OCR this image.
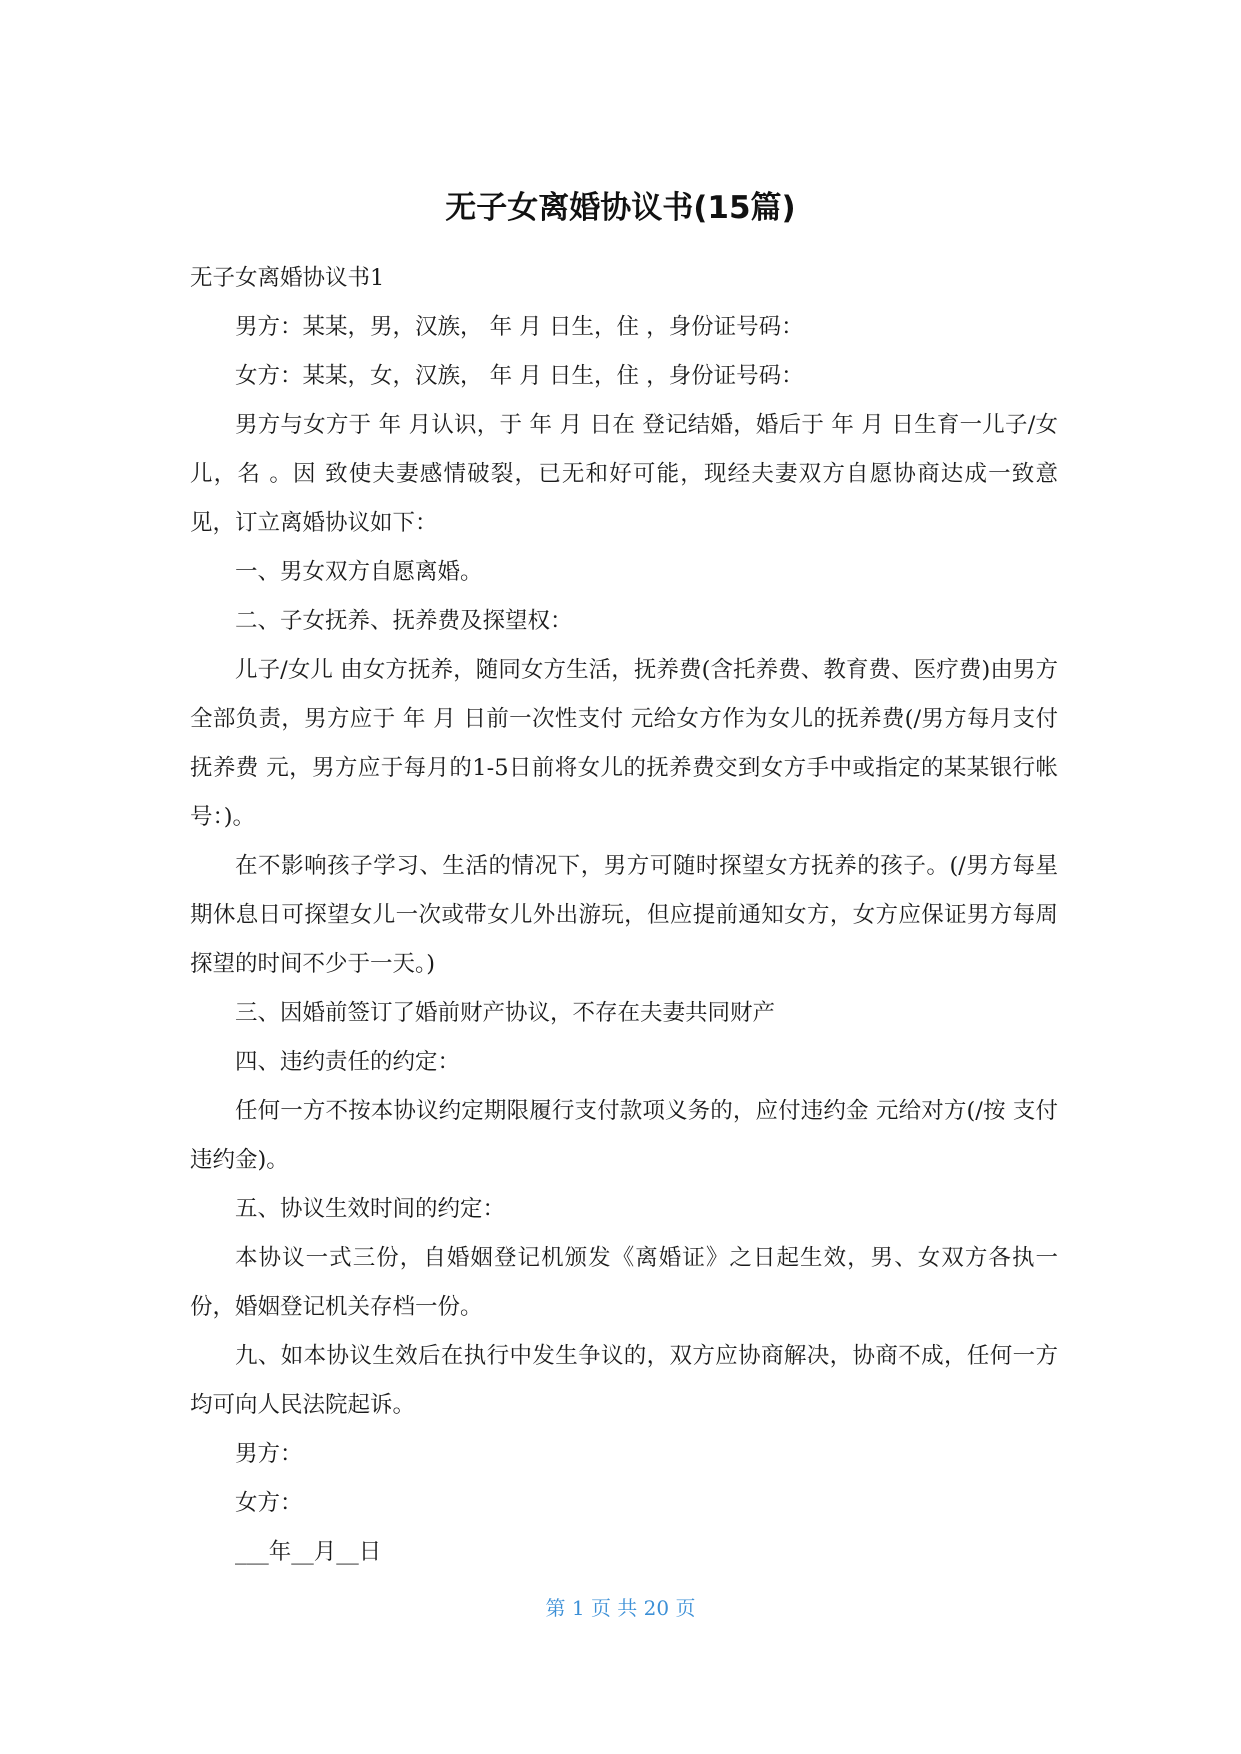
无子女离婚协议书(15篇)

无子女离婚协议书1

男方：某某，男，汉族， 年 月 日生，住 ，身份证号码：

女方：某某，女，汉族， 年 月 日生，住 ，身份证号码：

男方与女方于 年 月认识，于 年 月 日在 登记结婚，婚后于 年 月 日生育一儿子/女儿，名 。因 致使夫妻感情破裂，已无和好可能，现经夫妻双方自愿协商达成一致意见，订立离婚协议如下：

一、男女双方自愿离婚。

二、子女抚养、抚养费及探望权：

儿子/女儿 由女方抚养，随同女方生活，抚养费(含托养费、教育费、医疗费)由男方全部负责，男方应于 年 月 日前一次性支付 元给女方作为女儿的抚养费(/男方每月支付抚养费 元，男方应于每月的1-5日前将女儿的抚养费交到女方手中或指定的某某银行帐号：)。

在不影响孩子学习、生活的情况下，男方可随时探望女方抚养的孩子。(/男方每星期休息日可探望女儿一次或带女儿外出游玩，但应提前通知女方，女方应保证男方每周探望的时间不少于一天。)

三、因婚前签订了婚前财产协议，不存在夫妻共同财产

四、违约责任的约定：

任何一方不按本协议约定期限履行支付款项义务的，应付违约金 元给对方(/按 支付违约金)。

五、协议生效时间的约定：

本协议一式三份，自婚姻登记机颁发《离婚证》之日起生效，男、女双方各执一份，婚姻登记机关存档一份。

九、如本协议生效后在执行中发生争议的，双方应协商解决，协商不成，任何一方均可向人民法院起诉。

男方：

女方：

___年__月__日

第 1 页 共 20 页
